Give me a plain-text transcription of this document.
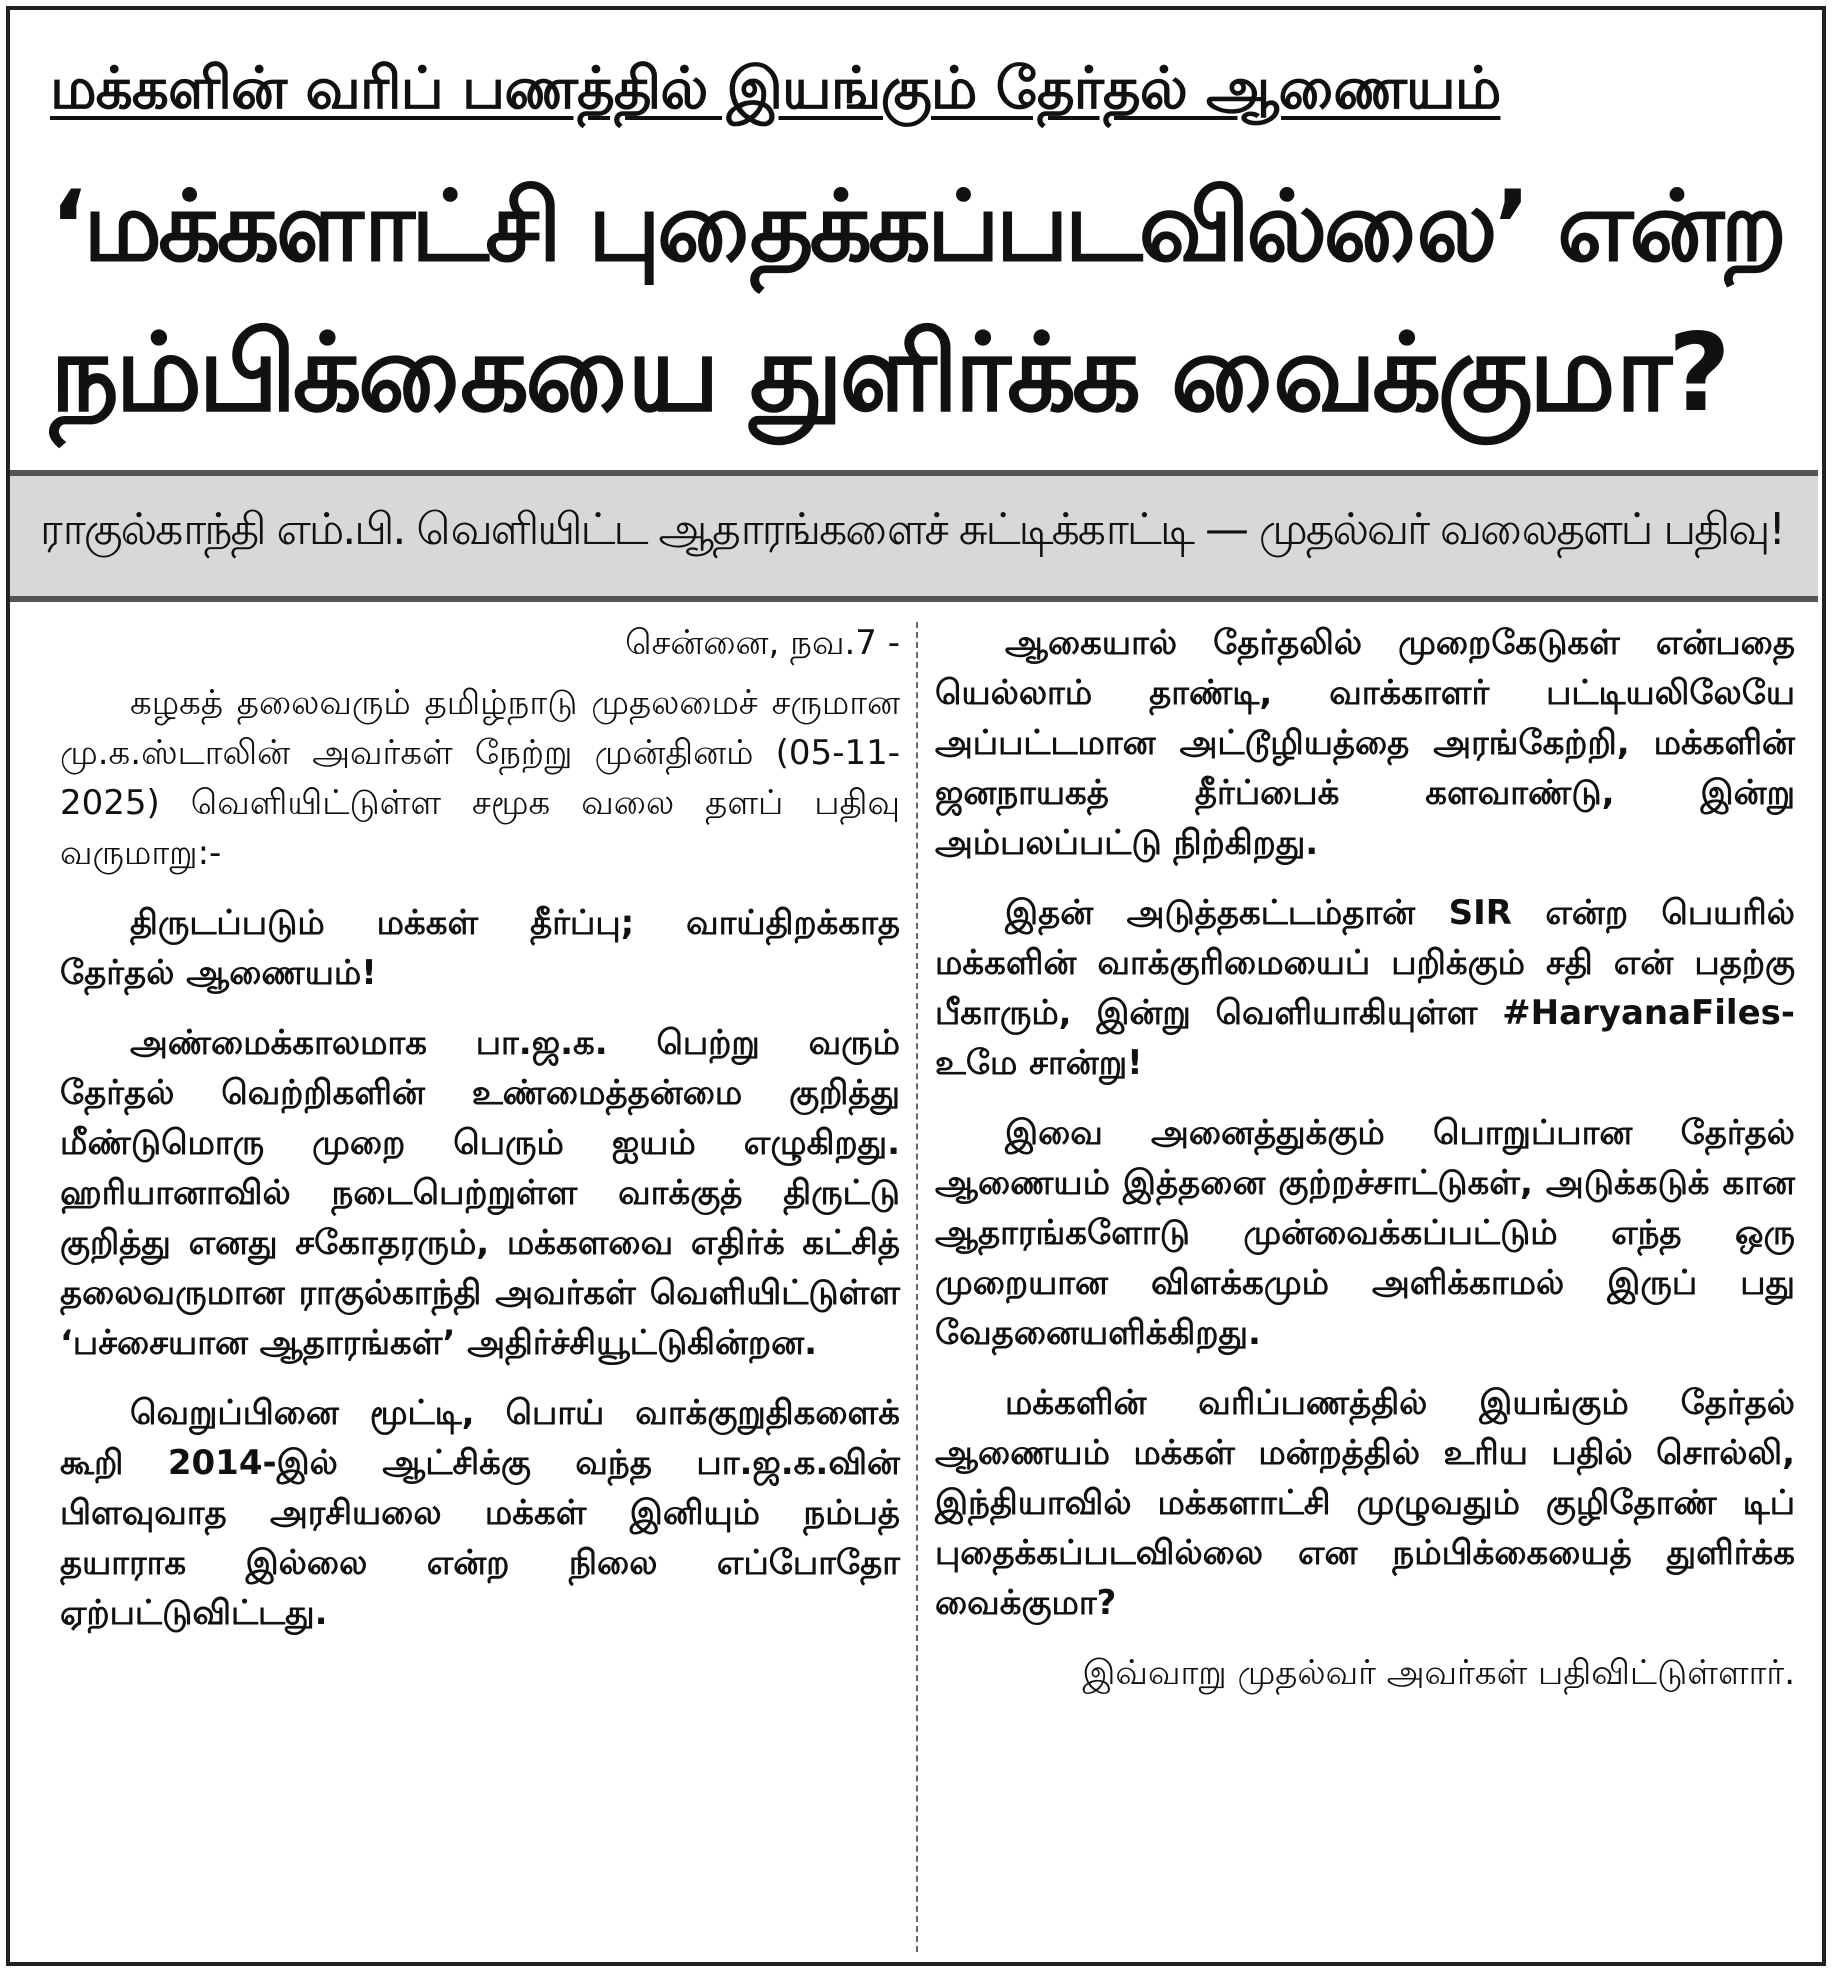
மக்களின் வரிப் பணத்தில் இயங்கும் தேர்தல் ஆணையம்
‘மக்களாட்சி புதைக்கப்படவில்லை’ என்ற
நம்பிக்கையை துளிர்க்க வைக்குமா?
ராகுல்காந்தி எம்.பி. வெளியிட்ட ஆதாரங்களைச் சுட்டிக்காட்டி — முதல்வர் வலைதளப் பதிவு!

சென்னை, நவ.7 -

கழகத் தலைவரும் தமிழ்நாடு முதலமைச் சருமான மு.க.ஸ்டாலின் அவர்கள் நேற்று முன்தினம் (05-11-2025) வெளியிட்டுள்ள சமூக வலை தளப் பதிவு வருமாறு:-

திருடப்படும் மக்கள் தீர்ப்பு; வாய்திறக்காத தேர்தல் ஆணையம்!

அண்மைக்காலமாக பா.ஜ.க. பெற்று வரும் தேர்தல் வெற்றிகளின் உண்மைத்தன்மை குறித்து மீண்டுமொரு முறை பெரும் ஐயம் எழுகிறது. ஹரியானாவில் நடைபெற்றுள்ள வாக்குத் திருட்டு குறித்து எனது சகோதரரும், மக்களவை எதிர்க் கட்சித் தலைவருமான ராகுல்காந்தி அவர்கள் வெளியிட்டுள்ள ‘பச்சையான ஆதாரங்கள்’ அதிர்ச்சியூட்டுகின்றன.

வெறுப்பினை மூட்டி, பொய் வாக்குறுதிகளைக் கூறி 2014-இல் ஆட்சிக்கு வந்த பா.ஜ.க.வின் பிளவுவாத அரசியலை மக்கள் இனியும் நம்பத் தயாராக இல்லை என்ற நிலை எப்போதோ ஏற்பட்டுவிட்டது.

ஆகையால் தேர்தலில் முறைகேடுகள் என்பதை யெல்லாம் தாண்டி, வாக்காளர் பட்டியலிலேயே அப்பட்டமான அட்டூழியத்தை அரங்கேற்றி, மக்களின் ஜனநாயகத் தீர்ப்பைக் களவாண்டு, இன்று அம்பலப்பட்டு நிற்கிறது.

இதன் அடுத்தகட்டம்தான் SIR என்ற பெயரில் மக்களின் வாக்குரிமையைப் பறிக்கும் சதி என் பதற்கு பீகாரும், இன்று வெளியாகியுள்ள #HaryanaFiles-உமே சான்று!

இவை அனைத்துக்கும் பொறுப்பான தேர்தல் ஆணையம் இத்தனை குற்றச்சாட்டுகள், அடுக்கடுக் கான ஆதாரங்களோடு முன்வைக்கப்பட்டும் எந்த ஒரு முறையான விளக்கமும் அளிக்காமல் இருப் பது வேதனையளிக்கிறது.

மக்களின் வரிப்பணத்தில் இயங்கும் தேர்தல் ஆணையம் மக்கள் மன்றத்தில் உரிய பதில் சொல்லி, இந்தியாவில் மக்களாட்சி முழுவதும் குழிதோண் டிப் புதைக்கப்படவில்லை என நம்பிக்கையைத் துளிர்க்க வைக்குமா?

இவ்வாறு முதல்வர் அவர்கள் பதிவிட்டுள்ளார்.
